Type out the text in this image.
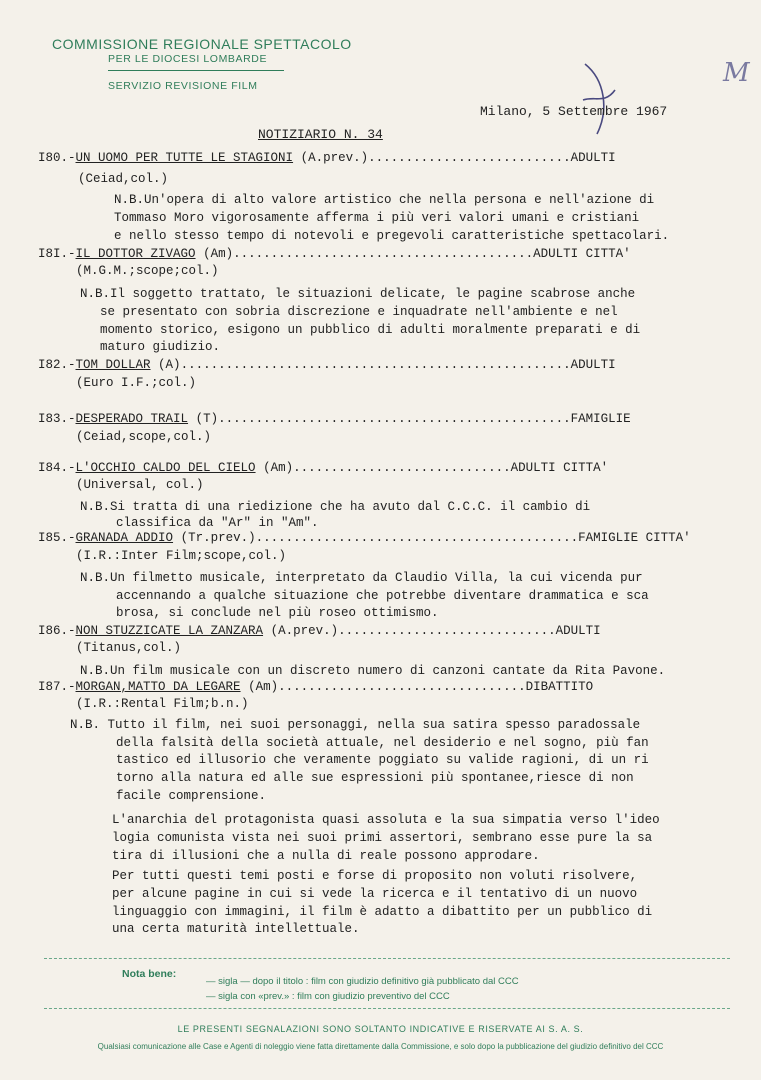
COMMISSIONE REGIONALE SPETTACOLO
PER LE DIOCESI LOMBARDE
SERVIZIO REVISIONE FILM	M
Milano, 5 Settembre 1967
NOTIZIARIO N. 34
I80.-UN UOMO PER TUTTE LE STAGIONI (A.prev.)...........................ADULTI
(Ceiad,col.)
N.B.Un'opera di alto valore artistico che nella persona e nell'azione di
Tommaso Moro vigorosamente afferma i più veri valori umani e cristiani
e nello stesso tempo di notevoli e pregevoli caratteristiche spettacolari.
I8I.-IL DOTTOR ZIVAGO (Am)........................................ADULTI CITTA'
(M.G.M.;scope;col.)
N.B.Il soggetto trattato, le situazioni delicate, le pagine scabrose anche
se presentato con sobria discrezione e inquadrate nell'ambiente e nel
momento storico, esigono un pubblico di adulti moralmente preparati e di
maturo giudizio.
I82.-TOM DOLLAR (A)....................................................ADULTI
(Euro I.F.;col.)
I83.-DESPERADO TRAIL (T)...............................................FAMIGLIE
(Ceiad,scope,col.)
I84.-L'OCCHIO CALDO DEL CIELO (Am).............................ADULTI CITTA'
(Universal, col.)
N.B.Si tratta di una riedizione che ha avuto dal C.C.C. il cambio di
classifica da "Ar" in "Am".
I85.-GRANADA ADDIO (Tr.prev.)...........................................FAMIGLIE CITTA'
(I.R.:Inter Film;scope,col.)
N.B.Un filmetto musicale, interpretato da Claudio Villa, la cui vicenda pur
accennando a qualche situazione che potrebbe diventare drammatica e sca
brosa, si conclude nel più roseo ottimismo.
I86.-NON STUZZICATE LA ZANZARA (A.prev.).............................ADULTI
(Titanus,col.)
N.B.Un film musicale con un discreto numero di canzoni cantate da Rita Pavone.
I87.-MORGAN,MATTO DA LEGARE (Am).................................DIBATTITO
(I.R.:Rental Film;b.n.)
N.B. Tutto il film, nei suoi personaggi, nella sua satira spesso paradossale
della falsità della società attuale, nel desiderio e nel sogno, più fan
tastico ed illusorio che veramente poggiato su valide ragioni, di un ri
torno alla natura ed alle sue espressioni più spontanee,riesce di non
facile comprensione.
L'anarchia del protagonista quasi assoluta e la sua simpatia verso l'ideo
logia comunista vista nei suoi primi assertori, sembrano esse pure la sa
tira di illusioni che a nulla di reale possono approdare.
Per tutti questi temi posti e forse di proposito non voluti risolvere,
per alcune pagine in cui si vede la ricerca e il tentativo di un nuovo
linguaggio con immagini, il film è adatto a dibattito per un pubblico di
una certa maturità intellettuale.
Nota bene:
— sigla — dopo il titolo : film con giudizio definitivo già pubblicato dal CCC
— sigla con «prev.» : film con giudizio preventivo del CCC
LE PRESENTI SEGNALAZIONI SONO SOLTANTO INDICATIVE E RISERVATE AI S. A. S.
Qualsiasi comunicazione alle Case e Agenti di noleggio viene fatta direttamente dalla Commissione, e solo dopo la pubblicazione del giudizio definitivo del CCC
